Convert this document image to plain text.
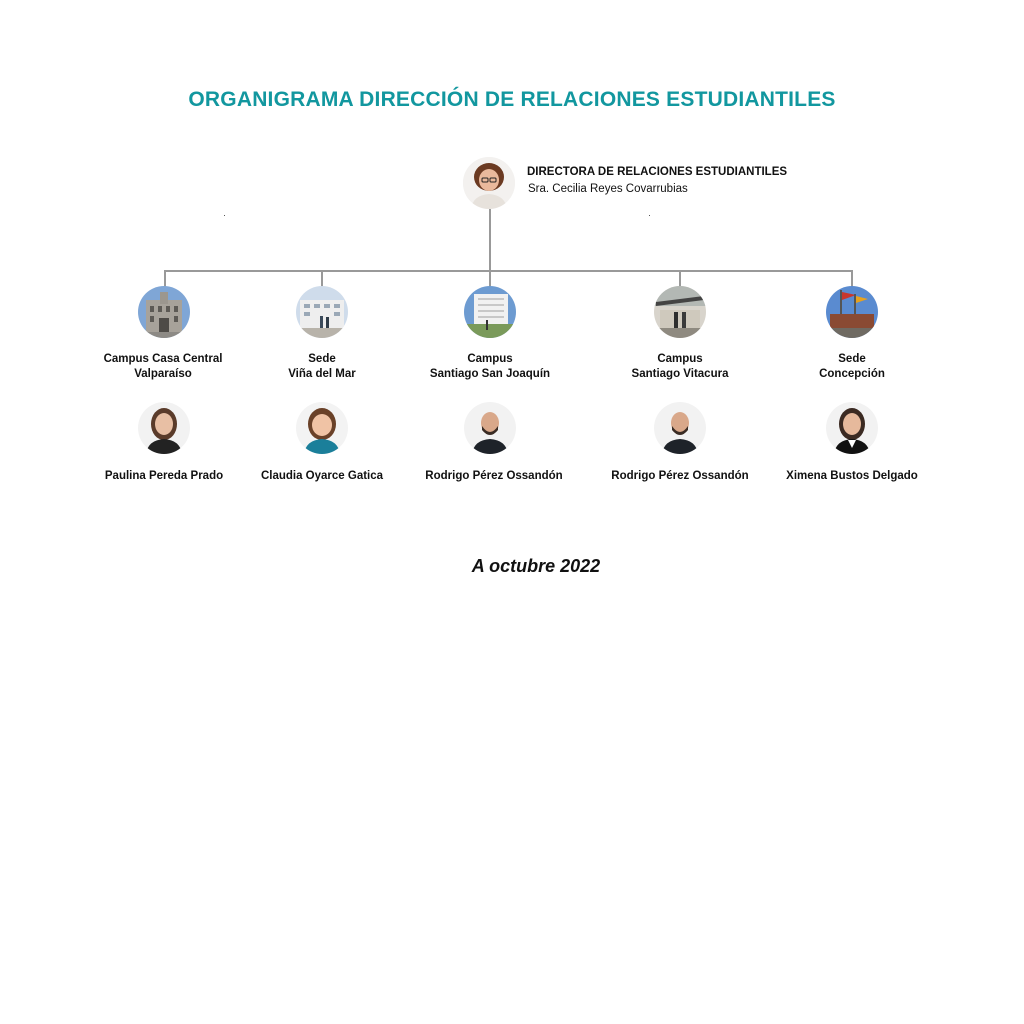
ORGANIGRAMA DIRECCIÓN DE RELACIONES ESTUDIANTILES
DIRECTORA DE RELACIONES ESTUDIANTILES
Sra. Cecilia Reyes Covarrubias
Campus Casa Central
Valparaíso
Paulina Pereda Prado
Sede
Viña del Mar
Claudia Oyarce Gatica
Campus
Santiago San Joaquín
Rodrigo Pérez Ossandón
Campus
Santiago Vitacura
Rodrigo Pérez Ossandón
Sede
Concepción
Ximena Bustos Delgado
A octubre 2022
